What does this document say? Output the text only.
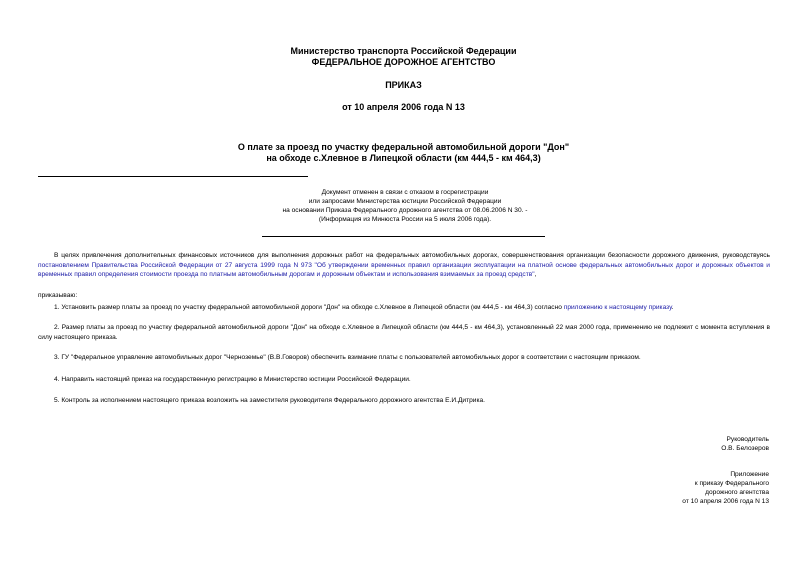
Министерство транспорта Российской Федерации
ФЕДЕРАЛЬНОЕ ДОРОЖНОЕ АГЕНТСТВО
ПРИКАЗ
от 10 апреля 2006 года N 13
О плате за проезд по участку федеральной автомобильной дороги "Дон"
на обходе с.Хлевное в Липецкой области (км 444,5 - км 464,3)
Документ отменен в связи с отказом в госрегистрации
или запросами Министерства юстиции Российской Федерации
на основании Приказа Федерального дорожного агентства от 08.06.2006 N 30. -
(Информация из Минюста России на 5 июля 2006 года).
В целях привлечения дополнительных финансовых источников для выполнения дорожных работ на федеральных автомобильных дорогах, совершенствования организации безопасности дорожного движения, руководствуясь постановлением Правительства Российской Федерации от 27 августа 1999 года N 973 "Об утверждении временных правил организации эксплуатации на платной основе федеральных автомобильных дорог и дорожных объектов и временных правил определения стоимости проезда по платным автомобильным дорогам и дорожным объектам и использования взимаемых за проезд средств",
приказываю:
1. Установить размер платы за проезд по участку федеральной автомобильной дороги "Дон" на обходе с.Хлевное в Липецкой области (км 444,5 - км 464,3) согласно приложению к настоящему приказу.
2. Размер платы за проезд по участку федеральной автомобильной дороги "Дон" на обходе с.Хлевное в Липецкой области (км 444,5 - км 464,3), установленный 22 мая 2000 года, применению не подлежит с момента вступления в силу настоящего приказа.
3. ГУ "Федеральное управление автомобильных дорог "Черноземье" (В.В.Говоров) обеспечить взимание платы с пользователей автомобильных дорог в соответствии с настоящим приказом.
4. Направить настоящий приказ на государственную регистрацию в Министерство юстиции Российской Федерации.
5. Контроль за исполнением настоящего приказа возложить на заместителя руководителя Федерального дорожного агентства Е.И.Дитрика.
Руководитель
О.В. Белозеров
Приложение
к приказу Федерального
дорожного агентства
от 10 апреля 2006 года N 13
